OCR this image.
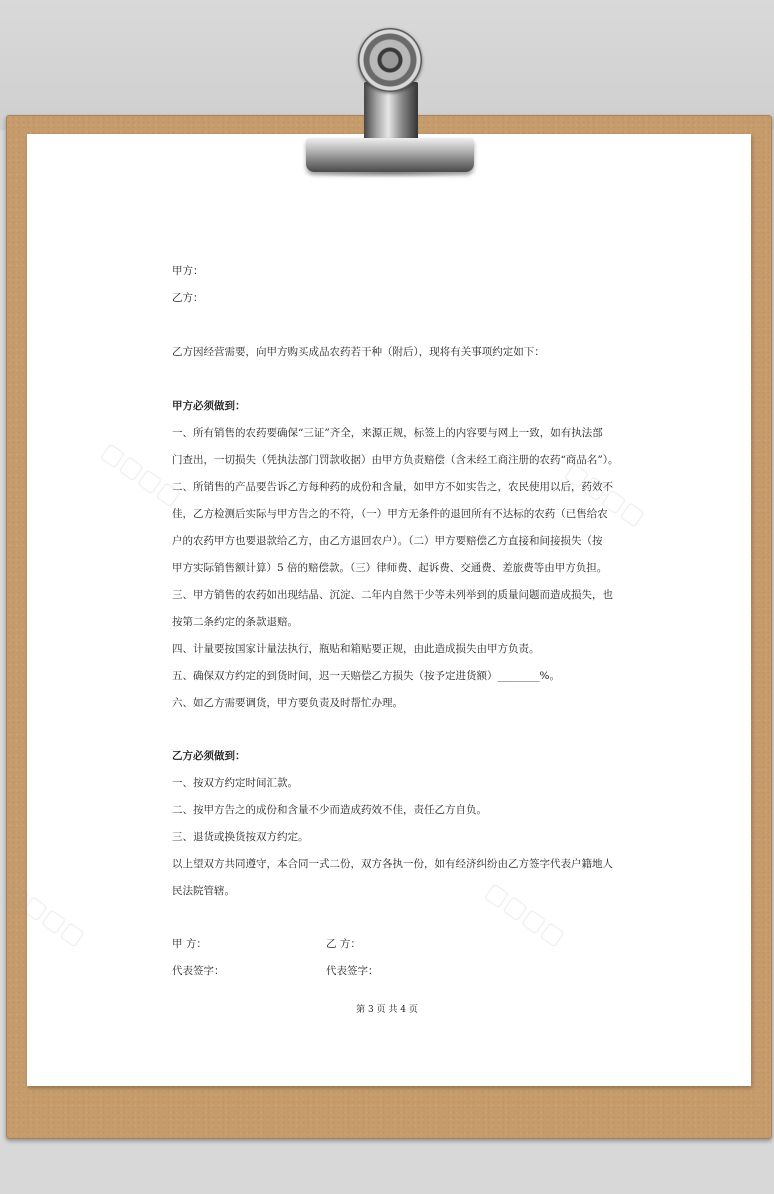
▢▢▢▢	▢▢▢▢
▢▢▢▢	▢▢▢▢
甲方：
乙方：
乙方因经营需要，向甲方购买成品农药若干种（附后），现将有关事项约定如下：
甲方必须做到：
一、所有销售的农药要确保“三证”齐全，来源正规，标签上的内容要与网上一致，如有执法部
门查出，一切损失（凭执法部门罚款收据）由甲方负责赔偿（含未经工商注册的农药“商品名”）。
二、所销售的产品要告诉乙方每种药的成份和含量，如甲方不如实告之，农民使用以后，药效不
佳，乙方检测后实际与甲方告之的不符，（一）甲方无条件的退回所有不达标的农药（已售给农
户的农药甲方也要退款给乙方，由乙方退回农户）。（二）甲方要赔偿乙方直接和间接损失（按
甲方实际销售额计算）5 倍的赔偿款。（三）律师费、起诉费、交通费、差旅费等由甲方负担。
三、甲方销售的农药如出现结晶、沉淀、二年内自然干少等未列举到的质量问题而造成损失，也
按第二条约定的条款退赔。
四、计量要按国家计量法执行，瓶贴和箱贴要正规，由此造成损失由甲方负责。
五、确保双方约定的到货时间，迟一天赔偿乙方损失（按予定进货额）________%。
六、如乙方需要调货，甲方要负责及时帮忙办理。
乙方必须做到：
一、按双方约定时间汇款。
二、按甲方告之的成份和含量不少而造成药效不佳，责任乙方自负。
三、退货或换货按双方约定。
以上望双方共同遵守，本合同一式二份，双方各执一份，如有经济纠纷由乙方签字代表户籍地人
民法院管辖。
甲 方：	乙 方：
代表签字：	代表签字：
第 3 页 共 4 页
